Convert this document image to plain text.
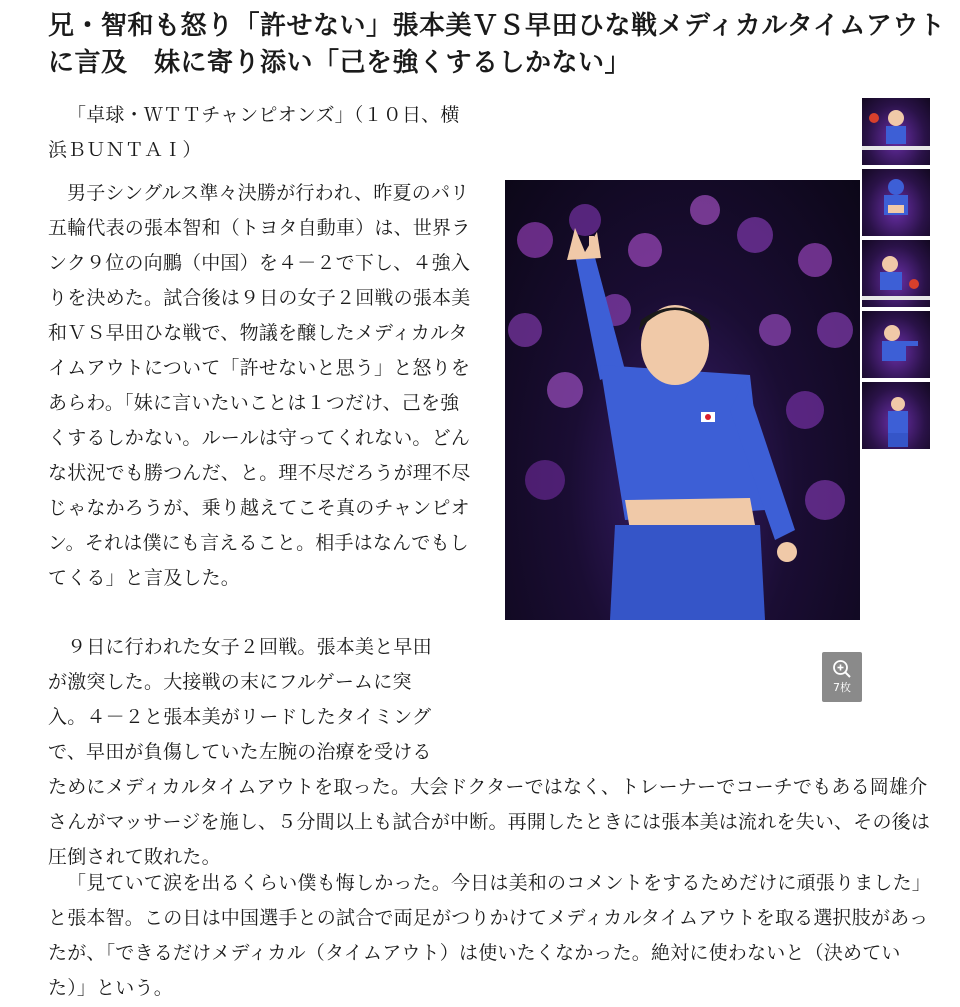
兄・智和も怒り「許せない」張本美ＶＳ早田ひな戦メディカルタイムアウトに言及　妹に寄り添い「己を強くするしかない」

「卓球・ＷＴＴチャンピオンズ」（１０日、横浜ＢＵＮＴＡＩ）

男子シングルス準々決勝が行われ、昨夏のパリ五輪代表の張本智和（トヨタ自動車）は、世界ランク９位の向鵬（中国）を４－２で下し、４強入りを決めた。試合後は９日の女子２回戦の張本美和ＶＳ早田ひな戦で、物議を醸したメディカルタイムアウトについて「許せないと思う」と怒りをあらわ。「妹に言いたいことは１つだけ、己を強くするしかない。ルールは守ってくれない。どんな状況でも勝つんだ、と。理不尽だろうが理不尽じゃなかろうが、乗り越えてこそ真のチャンピオン。それは僕にも言えること。相手はなんでもしてくる」と言及した。

９日に行われた女子２回戦。張本美と早田
が激突した。大接戦の末にフルゲームに突
入。４－２と張本美がリードしたタイミング
で、早田が負傷していた左腕の治療を受ける

ためにメディカルタイムアウトを取った。大会ドクターではなく、トレーナーでコーチでもある岡雄介さんがマッサージを施し、５分間以上も試合が中断。再開したときには張本美は流れを失い、その後は圧倒されて敗れた。

「見ていて涙を出るくらい僕も悔しかった。今日は美和のコメントをするためだけに頑張りました」と張本智。この日は中国選手との試合で両足がつりかけてメディカルタイムアウトを取る選択肢があったが、「できるだけメディカル（タイムアウト）は使いたくなかった。絶対に使わないと（決めていた）」という。

7枚
